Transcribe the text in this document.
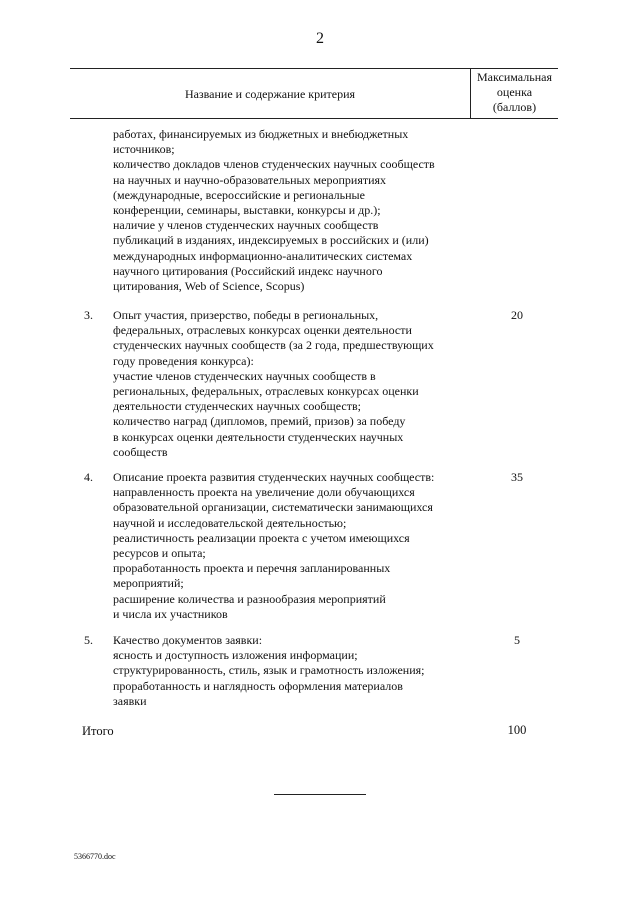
2
Название и содержание критерия
Максимальная
оценка
(баллов)
работах, финансируемых из бюджетных и внебюджетных
источников;
количество докладов членов студенческих научных сообществ
на научных и научно-образовательных мероприятиях
(международные, всероссийские и региональные
конференции, семинары, выставки, конкурсы и др.);
наличие у членов студенческих научных сообществ
публикаций в изданиях, индексируемых в российских и (или)
международных информационно-аналитических системах
научного цитирования (Российский индекс научного
цитирования, Web of Science, Scopus)
3. Опыт участия, призерство, победы в региональных,
федеральных, отраслевых конкурсах оценки деятельности
студенческих научных сообществ (за 2 года, предшествующих
году проведения конкурса):
участие членов студенческих научных сообществ в
региональных, федеральных, отраслевых конкурсах оценки
деятельности студенческих научных сообществ;
количество наград (дипломов, премий, призов) за победу
в конкурсах оценки деятельности студенческих научных
сообществ
20
4. Описание проекта развития студенческих научных сообществ:
направленность проекта на увеличение доли обучающихся
образовательной организации, систематически занимающихся
научной и исследовательской деятельностью;
реалистичность реализации проекта с учетом имеющихся
ресурсов и опыта;
проработанность проекта и перечня запланированных
мероприятий;
расширение количества и разнообразия мероприятий
и числа их участников
35
5. Качество документов заявки:
ясность и доступность изложения информации;
структурированность, стиль, язык и грамотность изложения;
проработанность и наглядность оформления материалов
заявки
5
Итого	100
5366770.doc
